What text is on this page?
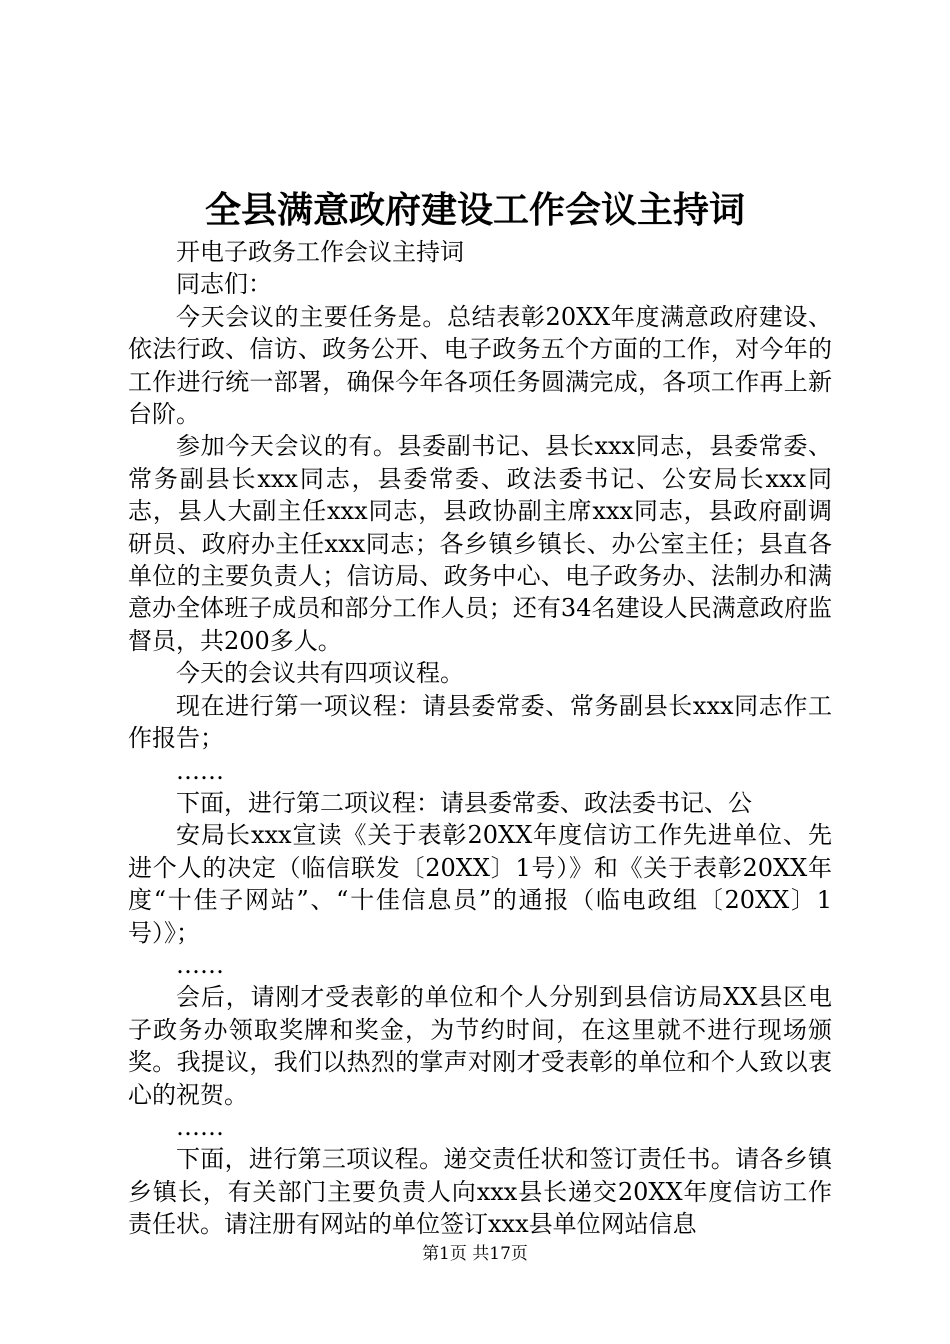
全县满意政府建设工作会议主持词

开电子政务工作会议主持词

同志们：

今天会议的主要任务是。总结表彰20XX年度满意政府建设、依法行政、信访、政务公开、电子政务五个方面的工作，对今年的工作进行统一部署，确保今年各项任务圆满完成，各项工作再上新台阶。

参加今天会议的有。县委副书记、县长xxx同志，县委常委、常务副县长xxx同志，县委常委、政法委书记、公安局长xxx同志，县人大副主任xxx同志，县政协副主席xxx同志，县政府副调研员、政府办主任xxx同志；各乡镇乡镇长、办公室主任；县直各单位的主要负责人；信访局、政务中心、电子政务办、法制办和满意办全体班子成员和部分工作人员；还有34名建设人民满意政府监督员，共200多人。

今天的会议共有四项议程。

现在进行第一项议程：请县委常委、常务副县长xxx同志作工作报告；

……

下面，进行第二项议程：请县委常委、政法委书记、公

安局长xxx宣读《关于表彰20XX年度信访工作先进单位、先进个人的决定（临信联发〔20XX〕1号）》和《关于表彰20XX年度“十佳子网站”、“十佳信息员”的通报（临电政组〔20XX〕1号）》；

……

会后，请刚才受表彰的单位和个人分别到县信访局XX县区电子政务办领取奖牌和奖金，为节约时间，在这里就不进行现场颁奖。我提议，我们以热烈的掌声对刚才受表彰的单位和个人致以衷心的祝贺。

……

下面，进行第三项议程。递交责任状和签订责任书。请各乡镇乡镇长，有关部门主要负责人向xxx县长递交20XX年度信访工作责任状。请注册有网站的单位签订xxx县单位网站信息

第1页 共17页
